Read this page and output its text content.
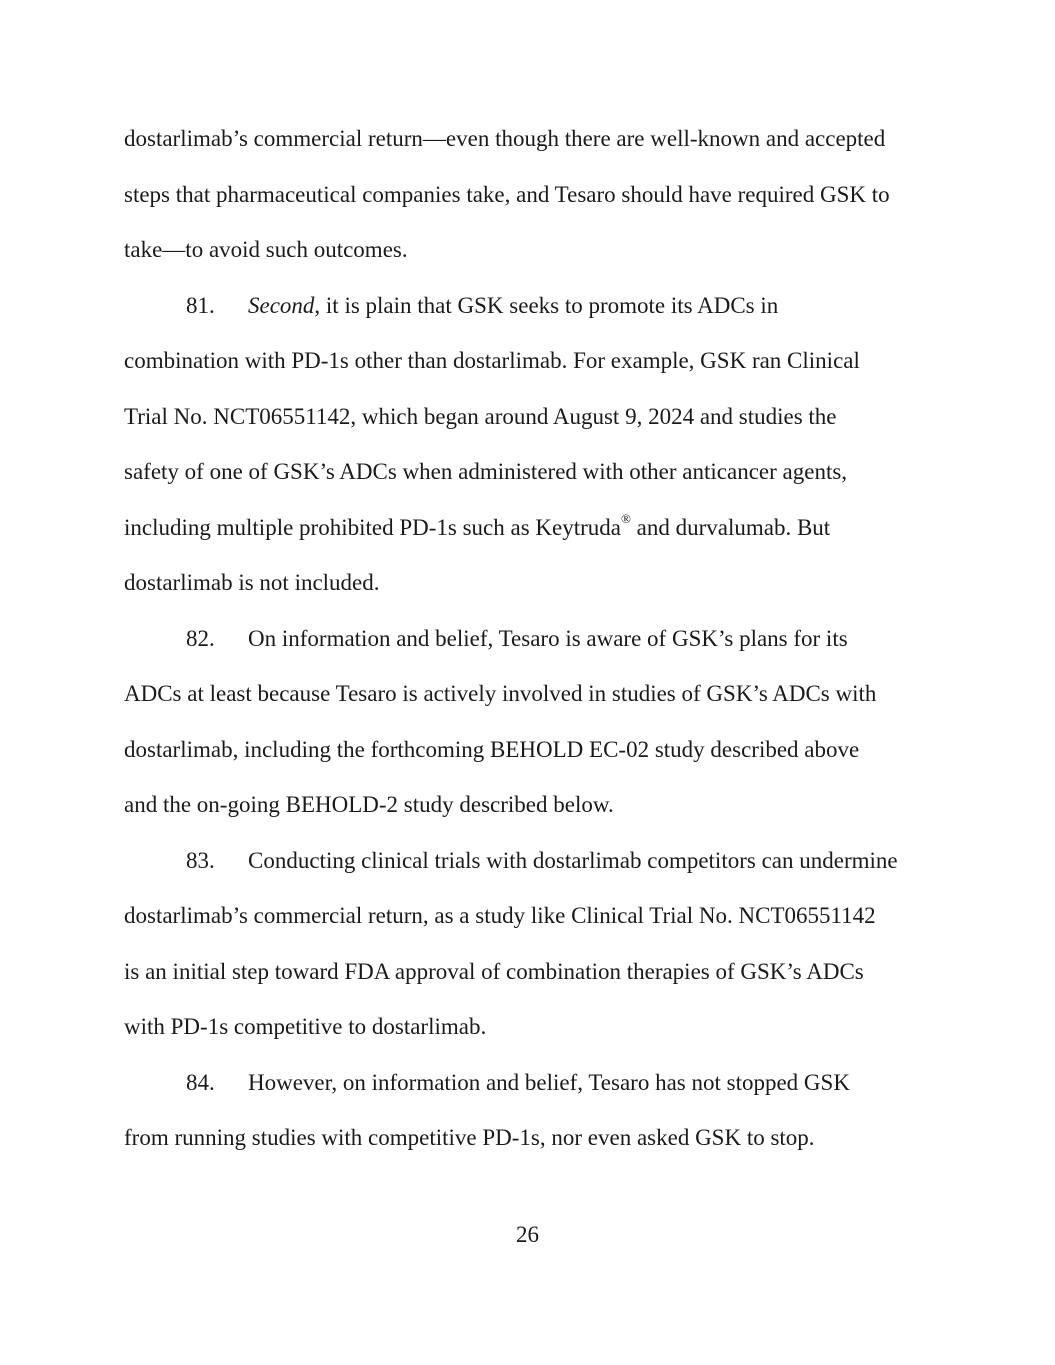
dostarlimab’s commercial return—even though there are well-known and accepted
steps that pharmaceutical companies take, and Tesaro should have required GSK to
take—to avoid such outcomes.
81. Second, it is plain that GSK seeks to promote its ADCs in
combination with PD-1s other than dostarlimab. For example, GSK ran Clinical
Trial No. NCT06551142, which began around August 9, 2024 and studies the
safety of one of GSK’s ADCs when administered with other anticancer agents,
including multiple prohibited PD-1s such as Keytruda® and durvalumab. But
dostarlimab is not included.
82. On information and belief, Tesaro is aware of GSK’s plans for its
ADCs at least because Tesaro is actively involved in studies of GSK’s ADCs with
dostarlimab, including the forthcoming BEHOLD EC-02 study described above
and the on-going BEHOLD-2 study described below.
83. Conducting clinical trials with dostarlimab competitors can undermine
dostarlimab’s commercial return, as a study like Clinical Trial No. NCT06551142
is an initial step toward FDA approval of combination therapies of GSK’s ADCs
with PD-1s competitive to dostarlimab.
84. However, on information and belief, Tesaro has not stopped GSK
from running studies with competitive PD-1s, nor even asked GSK to stop.
26
